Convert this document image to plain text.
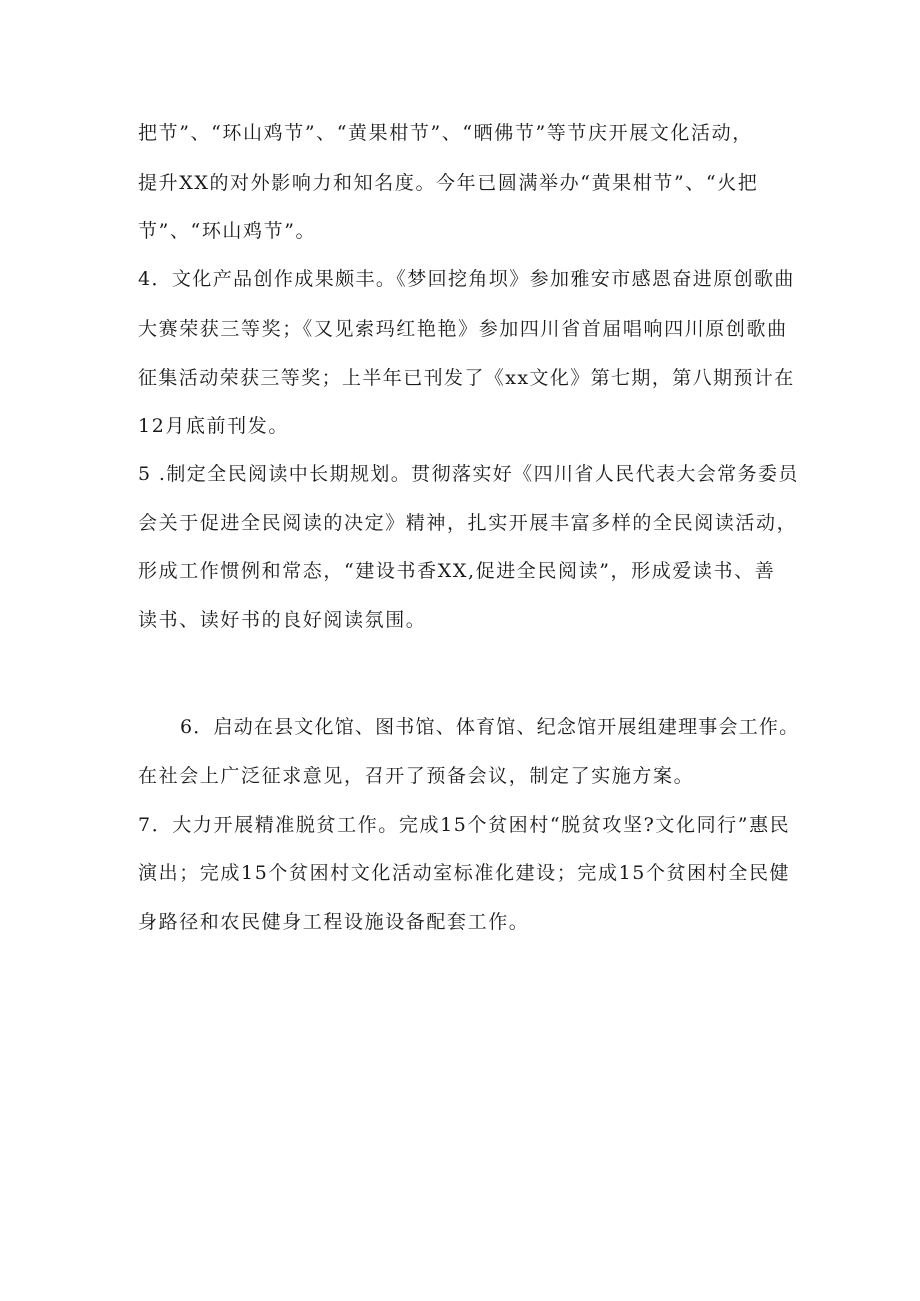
把节”、“环山鸡节”、“黄果柑节”、“晒佛节”等节庆开展文化活动，
提升XX的对外影响力和知名度。今年已圆满举办“黄果柑节”、“火把
节”、“环山鸡节”。
4．文化产品创作成果颇丰。《梦回挖角坝》参加雅安市感恩奋进原创歌曲
大赛荣获三等奖；《又见索玛红艳艳》参加四川省首届唱响四川原创歌曲
征集活动荣获三等奖；上半年已刊发了《xx文化》第七期，第八期预计在
12月底前刊发。
5 .制定全民阅读中长期规划。贯彻落实好《四川省人民代表大会常务委员
会关于促进全民阅读的决定》精神，扎实开展丰富多样的全民阅读活动，
形成工作惯例和常态，“建设书香XX,促进全民阅读”，形成爱读书、善
读书、读好书的良好阅读氛围。
6．启动在县文化馆、图书馆、体育馆、纪念馆开展组建理事会工作。
在社会上广泛征求意见，召开了预备会议，制定了实施方案。
7．大力开展精准脱贫工作。完成15个贫困村“脱贫攻坚?文化同行”惠民
演出；完成15个贫困村文化活动室标准化建设；完成15个贫困村全民健
身路径和农民健身工程设施设备配套工作。
